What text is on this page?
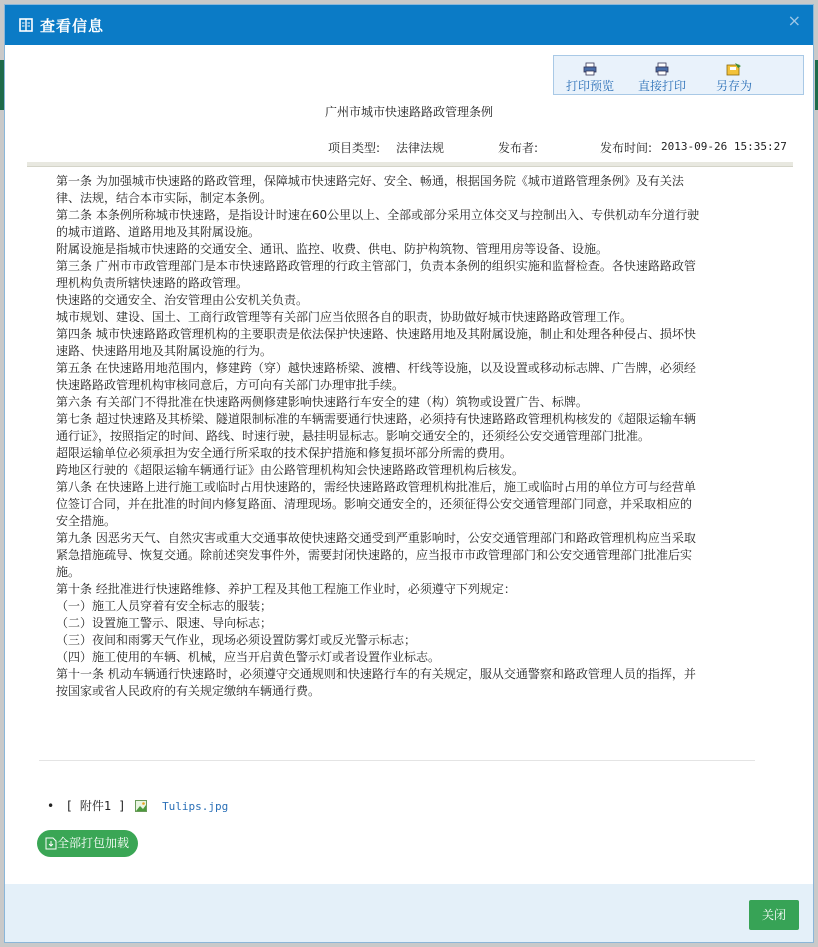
查看信息	×
打印预览	直接打印	另存为
广州市城市快速路路政管理条例
项目类型: 法律法规	发布者:	发布时间: 2013-09-26 15:35:27

第一条 为加强城市快速路的路政管理，保障城市快速路完好、安全、畅通，根据国务院《城市道路管理条例》及有关法

律、法规，结合本市实际，制定本条例。

第二条 本条例所称城市快速路，是指设计时速在60公里以上、全部或部分采用立体交叉与控制出入、专供机动车分道行驶

的城市道路、道路用地及其附属设施。

附属设施是指城市快速路的交通安全、通讯、监控、收费、供电、防护构筑物、管理用房等设备、设施。

第三条 广州市市政管理部门是本市快速路路政管理的行政主管部门，负责本条例的组织实施和监督检查。各快速路路政管

理机构负责所辖快速路的路政管理。

快速路的交通安全、治安管理由公安机关负责。

城市规划、建设、国土、工商行政管理等有关部门应当依照各自的职责，协助做好城市快速路路政管理工作。

第四条 城市快速路路政管理机构的主要职责是依法保护快速路、快速路用地及其附属设施，制止和处理各种侵占、损坏快

速路、快速路用地及其附属设施的行为。

第五条 在快速路用地范围内，修建跨（穿）越快速路桥梁、渡槽、杆线等设施，以及设置或移动标志牌、广告牌，必须经

快速路路政管理机构审核同意后，方可向有关部门办理审批手续。

第六条 有关部门不得批准在快速路两侧修建影响快速路行车安全的建（构）筑物或设置广告、标牌。

第七条 超过快速路及其桥梁、隧道限制标准的车辆需要通行快速路，必须持有快速路路政管理机构核发的《超限运输车辆

通行证》，按照指定的时间、路线、时速行驶，悬挂明显标志。影响交通安全的，还须经公安交通管理部门批准。

超限运输单位必须承担为安全通行所采取的技术保护措施和修复损坏部分所需的费用。

跨地区行驶的《超限运输车辆通行证》由公路管理机构知会快速路路政管理机构后核发。

第八条 在快速路上进行施工或临时占用快速路的，需经快速路路政管理机构批准后，施工或临时占用的单位方可与经营单

位签订合同，并在批准的时间内修复路面、清理现场。影响交通安全的，还须征得公安交通管理部门同意，并采取相应的

安全措施。

第九条 因恶劣天气、自然灾害或重大交通事故使快速路交通受到严重影响时，公安交通管理部门和路政管理机构应当采取

紧急措施疏导、恢复交通。除前述突发事件外，需要封闭快速路的，应当报市市政管理部门和公安交通管理部门批准后实

施。

第十条 经批准进行快速路维修、养护工程及其他工程施工作业时，必须遵守下列规定：

（一）施工人员穿着有安全标志的服装；

（二）设置施工警示、限速、导向标志；

（三）夜间和雨雾天气作业，现场必须设置防雾灯或反光警示标志；

（四）施工使用的车辆、机械，应当开启黄色警示灯或者设置作业标志。

第十一条 机动车辆通行快速路时，必须遵守交通规则和快速路行车的有关规定，服从交通警察和路政管理人员的指挥，并

按国家或省人民政府的有关规定缴纳车辆通行费。

• [ 附件1 ]	Tulips.jpg
全部打包加载
关闭
